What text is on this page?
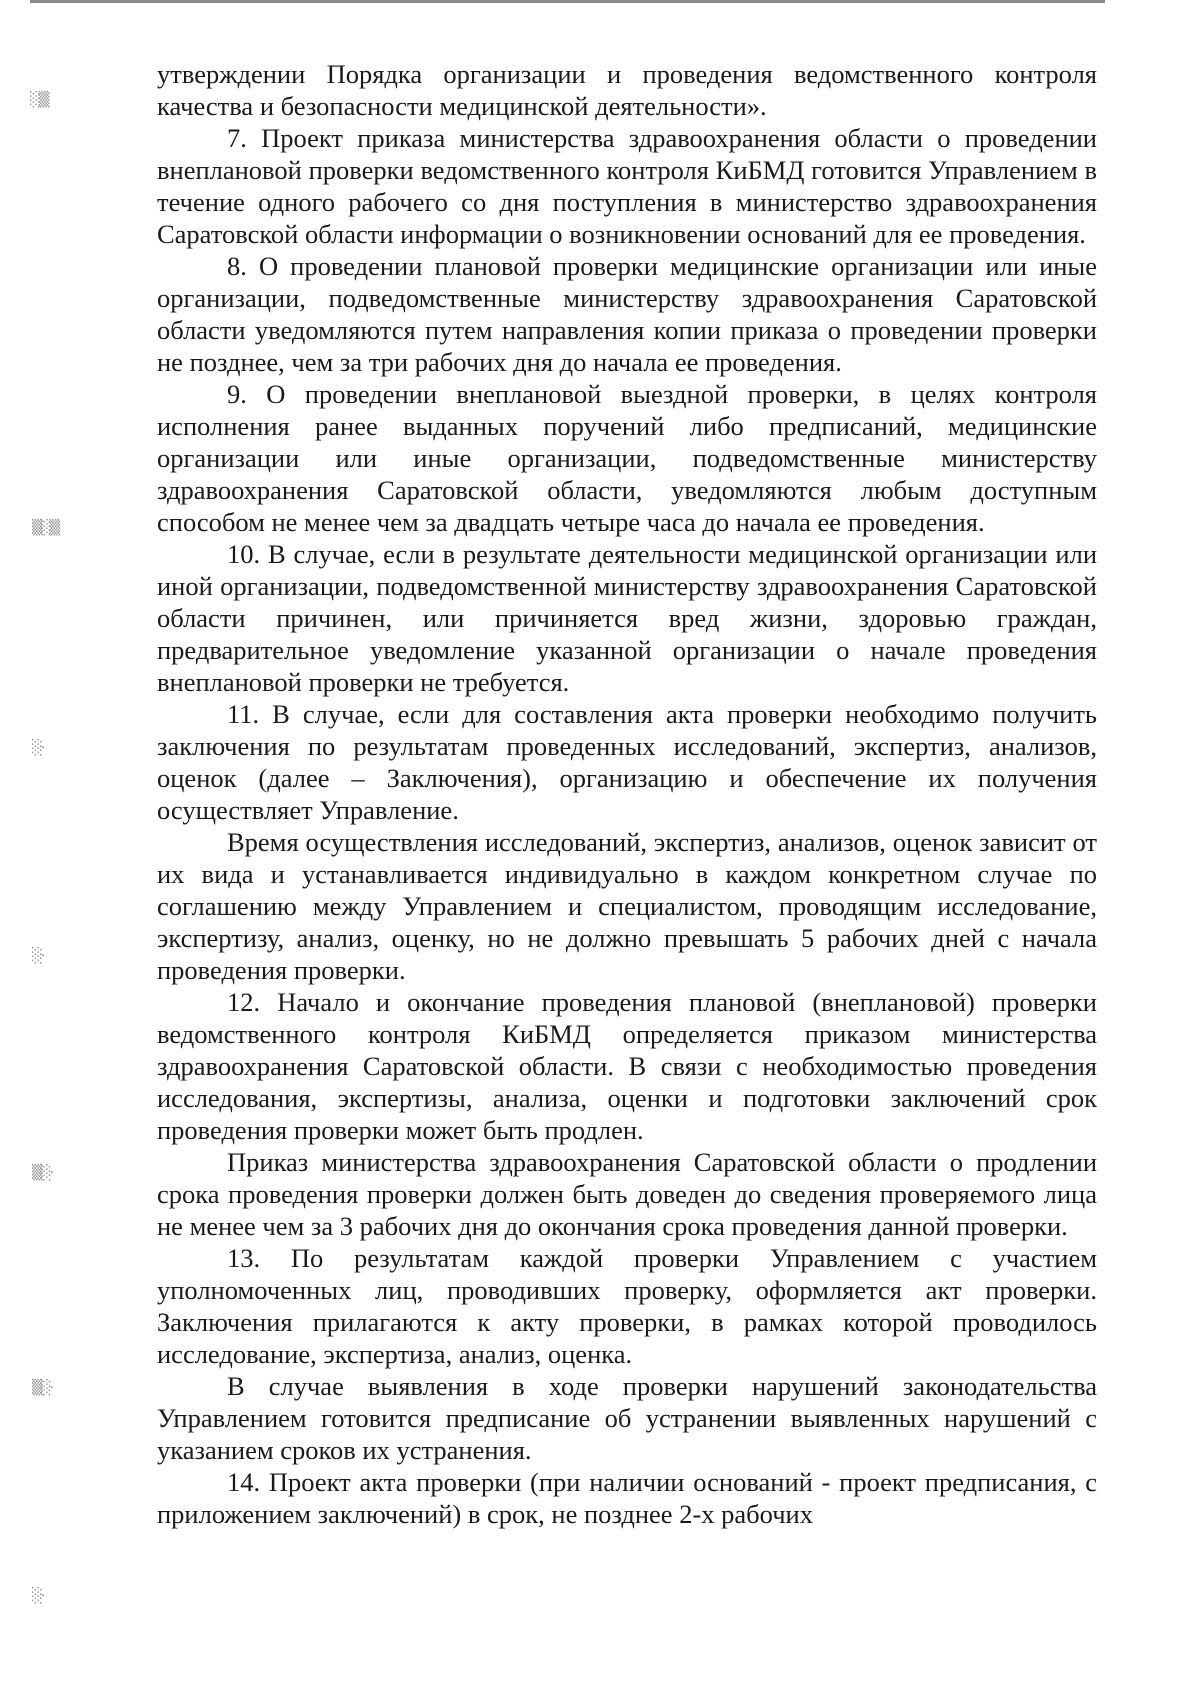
░▒
▒░▒
░·
░·
▒░·
▒░·
░·

утверждении Порядка организации и проведения ведомственного контроля качества и безопасности медицинской деятельности».

7. Проект приказа министерства здравоохранения области о проведении внеплановой проверки ведомственного контроля КиБМД готовится Управлением в течение одного рабочего со дня поступления в министерство здравоохранения Саратовской области информации о возникновении оснований для ее проведения.

8. О проведении плановой проверки медицинские организации или иные организации, подведомственные министерству здравоохранения Саратовской области уведомляются путем направления копии приказа о проведении проверки не позднее, чем за три рабочих дня до начала ее проведения.

9. О проведении внеплановой выездной проверки, в целях контроля исполнения ранее выданных поручений либо предписаний, медицинские организации или иные организации, подведомственные министерству здравоохранения Саратовской области, уведомляются любым доступным способом не менее чем за двадцать четыре часа до начала ее проведения.

10. В случае, если в результате деятельности медицинской организации или иной организации, подведомственной министерству здравоохранения Саратовской области причинен, или причиняется вред жизни, здоровью граждан, предварительное уведомление указанной организации о начале проведения внеплановой проверки не требуется.

11. В случае, если для составления акта проверки необходимо получить заключения по результатам проведенных исследований, экспертиз, анализов, оценок (далее – Заключения), организацию и обеспечение их получения осуществляет Управление.

Время осуществления исследований, экспертиз, анализов, оценок зависит от их вида и устанавливается индивидуально в каждом конкретном случае по соглашению между Управлением и специалистом, проводящим исследование, экспертизу, анализ, оценку, но не должно превышать 5 рабочих дней с начала проведения проверки.

12. Начало и окончание проведения плановой (внеплановой) проверки ведомственного контроля КиБМД определяется приказом министерства здравоохранения Саратовской области. В связи с необходимостью проведения исследования, экспертизы, анализа, оценки и подготовки заключений срок проведения проверки может быть продлен.

Приказ министерства здравоохранения Саратовской области о продлении срока проведения проверки должен быть доведен до сведения проверяемого лица не менее чем за 3 рабочих дня до окончания срока проведения данной проверки.

13. По результатам каждой проверки Управлением с участием уполномоченных лиц, проводивших проверку, оформляется акт проверки. Заключения прилагаются к акту проверки, в рамках которой проводилось исследование, экспертиза, анализ, оценка.

В случае выявления в ходе проверки нарушений законодательства Управлением готовится предписание об устранении выявленных нарушений с указанием сроков их устранения.

14. Проект акта проверки (при наличии оснований - проект предписания, с приложением заключений) в срок, не позднее 2-х рабочих
